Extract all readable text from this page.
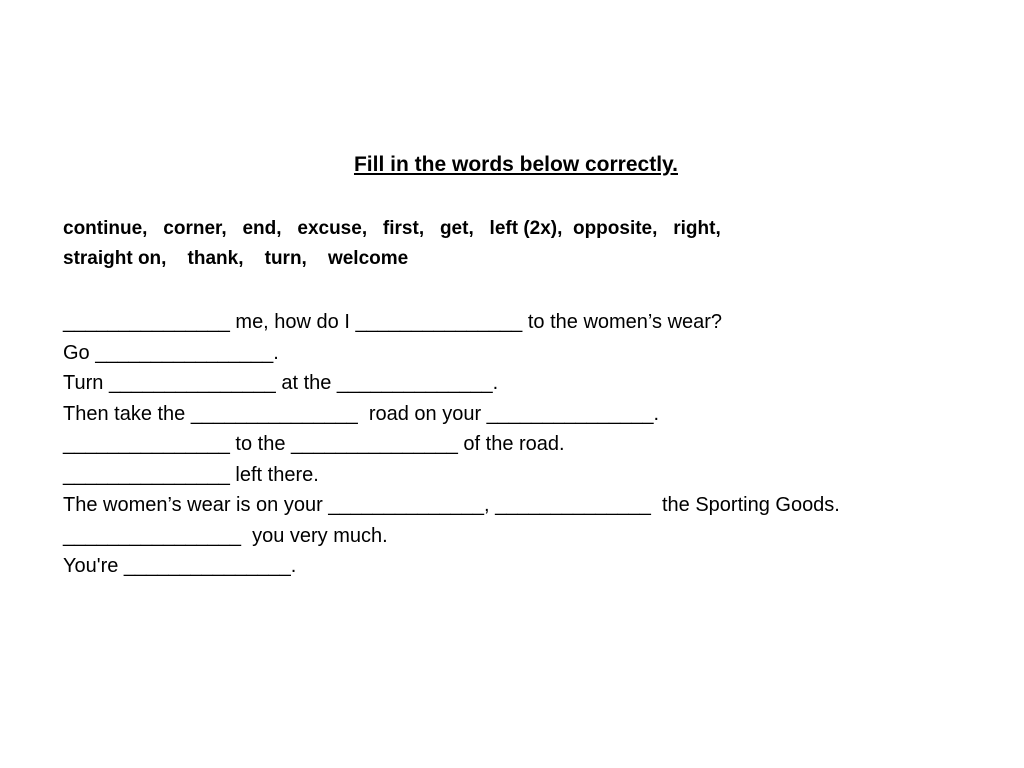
Fill in the words below correctly.
continue,   corner,   end,   excuse,   first,   get,   left (2x),  opposite,   right,
straight on,    thank,    turn,    welcome
_______________ me, how do I _______________ to the women’s wear?
Go ________________.
Turn _______________ at the ______________.
Then take the _______________  road on your _______________.
_______________ to the _______________ of the road.
_______________ left there.
The women’s wear is on your ______________, ______________  the Sporting Goods.
________________  you very much.
You're _______________.
